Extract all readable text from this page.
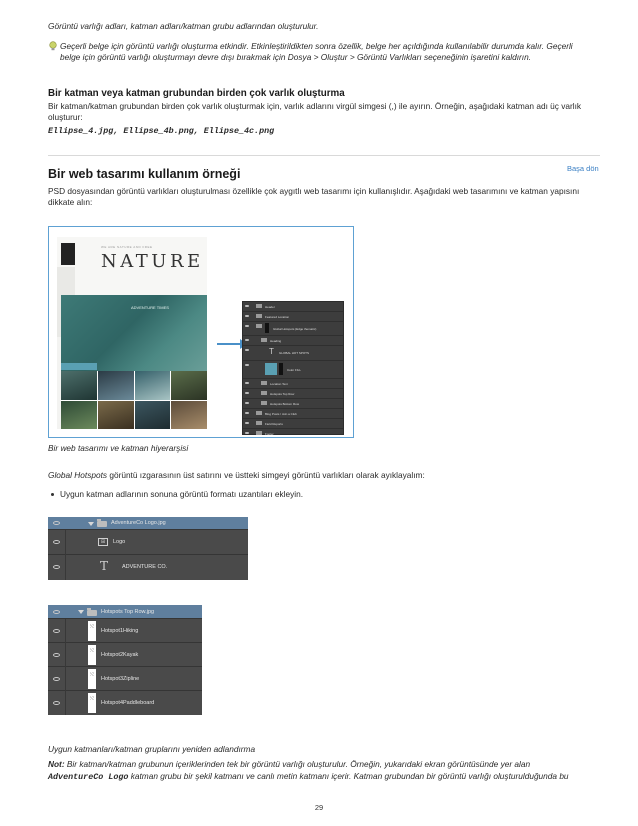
Görüntü varlığı adları, katman adları/katman grubu adlarından oluşturulur.
Geçerli belge için görüntü varlığı oluşturma etkindir. Etkinleştirildikten sonra özellik, belge her açıldığında kullanılabilir durumda kalır. Geçerli
belge için görüntü varlığı oluşturmayı devre dışı bırakmak için Dosya > Oluştur > Görüntü Varlıkları seçeneğinin işaretini kaldırın.
Bir katman veya katman grubundan birden çok varlık oluşturma
Bir katman/katman grubundan birden çok varlık oluşturmak için, varlık adlarını virgül simgesi (,) ile ayırın. Örneğin, aşağıdaki katman adı üç varlık
oluşturur:
Ellipse_4.jpg, Ellipse_4b.png, Ellipse_4c.png
Bir web tasarımı kullanım örneği	Başa dön
PSD dosyasından görüntü varlıkları oluşturulması özellikle çok aygıtlı web tasarımı için kullanışlıdır. Aşağıdaki web tasarımını ve katman yapısını
dikkate alın:
WE ARE NATURE AND FREE
NATURE
ADVENTURE TIMES	Header
Featured Location
Global Hotspots (Edge thematic)
Heading
T GLOBAL HOT SPOTS
Color FILL
Location Text
Hotspots Top Row
Hotspots Bottom Row
Blog Posts / Join a Club
Field Reports
Footer
Bir web tasarımı ve katman hiyerarşisi
Global Hotspots görüntü ızgarasının üst satırını ve üstteki simgeyi görüntü varlıkları olarak ayıklayalım:
Uygun katman adlarının sonuna görüntü formatı uzantıları ekleyin.
AdventureCo Logo.jpg
⊞	Logo
T	ADVENTURE CO.
Hotspots Top Row.jpg
Hotspot1Hiking
Hotspot2Kayak
Hotspot3Zipline
Hotspot4Paddleboard
Uygun katmanları/katman gruplarını yeniden adlandırma
Not: Bir katman/katman grubunun içeriklerinden tek bir görüntü varlığı oluşturulur. Örneğin, yukarıdaki ekran görüntüsünde yer alan
AdventureCo Logo katman grubu bir şekil katmanı ve canlı metin katmanı içerir. Katman grubundan bir görüntü varlığı oluşturulduğunda bu
29
